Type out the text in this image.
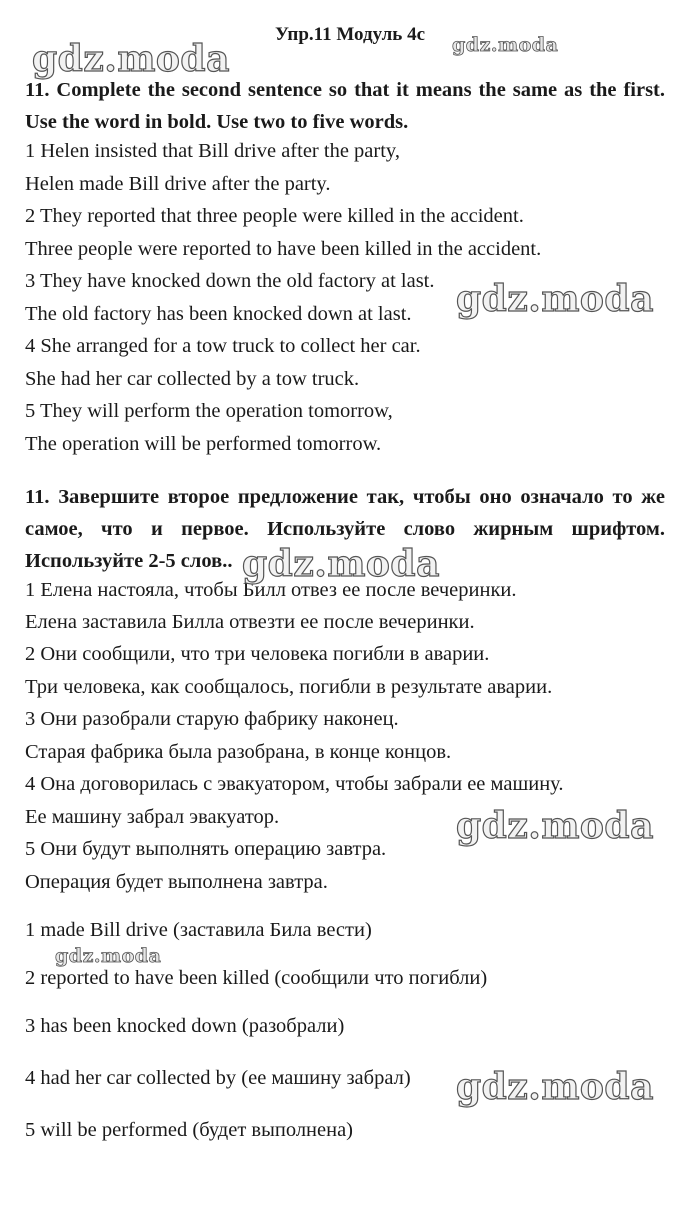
Упр.11 Модуль 4с
11. Complete the second sentence so that it means the same as the first. Use the word in bold. Use two to five words.
1 Helen insisted that Bill drive after the party,
Helen made Bill drive after the party.
2 They reported that three people were killed in the accident.
Three people were reported to have been killed in the accident.
3 They have knocked down the old factory at last.
The old factory has been knocked down at last.
4 She arranged for a tow truck to collect her car.
She had her car collected by a tow truck.
5 They will perform the operation tomorrow,
The operation will be performed tomorrow.
11. Завершите второе предложение так, чтобы оно означало то же самое, что и первое. Используйте слово жирным шрифтом. Используйте 2-5 слов..
1 Елена настояла, чтобы Билл отвез ее после вечеринки.
Елена заставила Билла отвезти ее после вечеринки.
2 Они сообщили, что три человека погибли в аварии.
Три человека, как сообщалось, погибли в результате аварии.
3 Они разобрали старую фабрику наконец.
Старая фабрика была разобрана, в конце концов.
4 Она договорилась с эвакуатором, чтобы забрали ее машину.
Ее машину забрал эвакуатор.
5 Они будут выполнять операцию завтра.
Операция будет выполнена завтра.
1 made Bill drive (заставила Била вести)
2 reported to have been killed (сообщили что погибли)
3 has been knocked down (разобрали)
4 had her car collected by (ее машину забрал)
5 will be performed (будет выполнена)
gdz.moda	gdz.moda
gdz.moda
gdz.moda
gdz.moda
gdz.moda
gdz.moda
